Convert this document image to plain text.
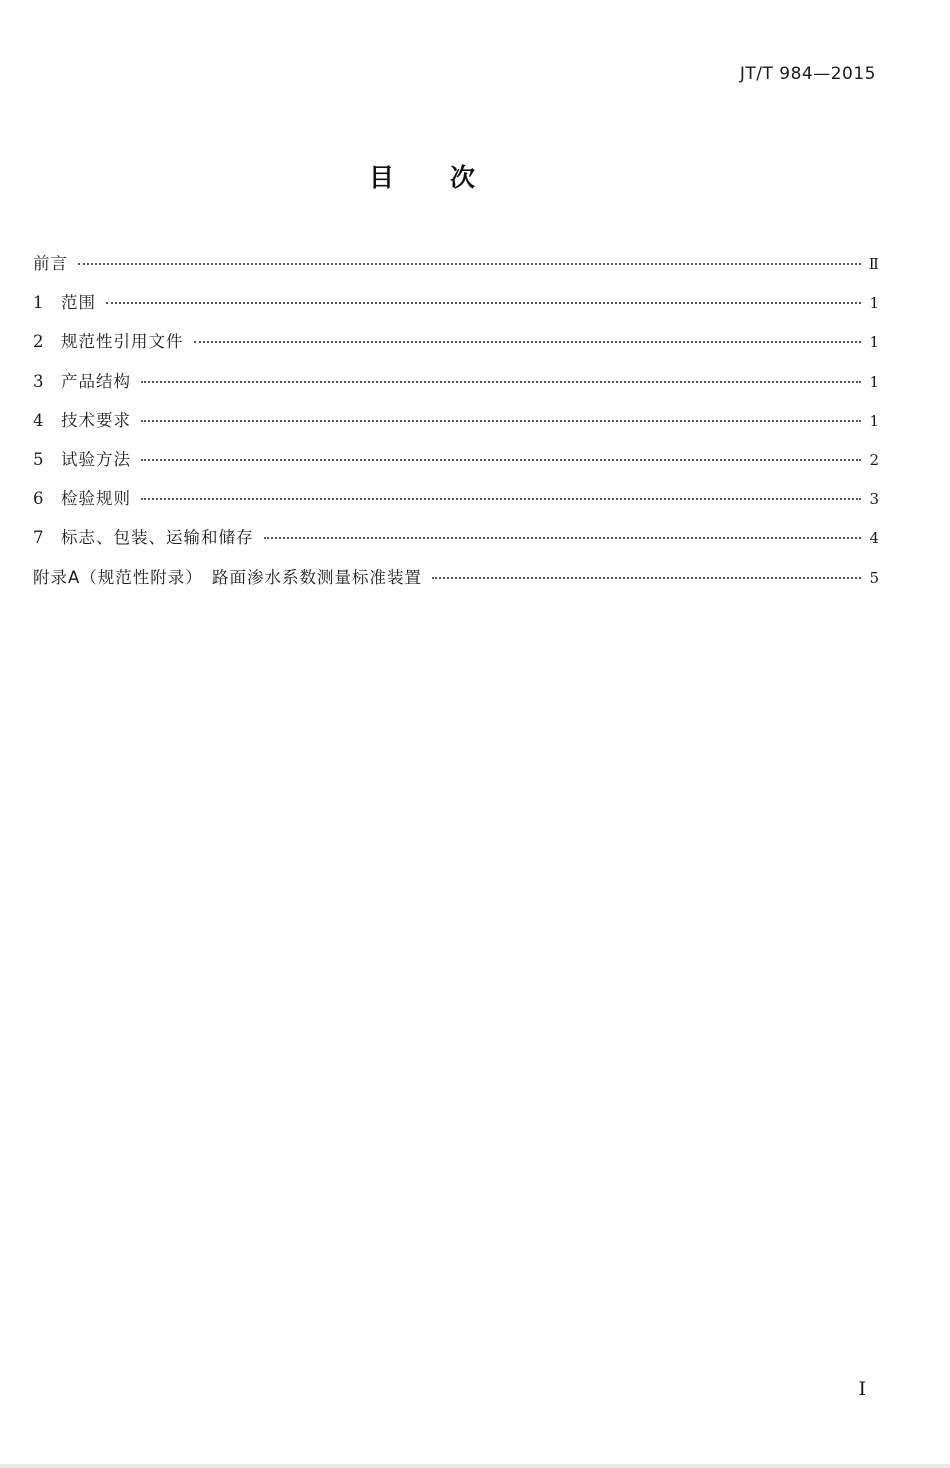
JT/T 984—2015
目次
前言	Ⅱ
1	范围	1
2	规范性引用文件	1
3	产品结构	1
4	技术要求	1
5	试验方法	2
6	检验规则	3
7	标志、包装、运输和储存	4
附录A（规范性附录）　路面渗水系数测量标准装置	5
Ⅰ
